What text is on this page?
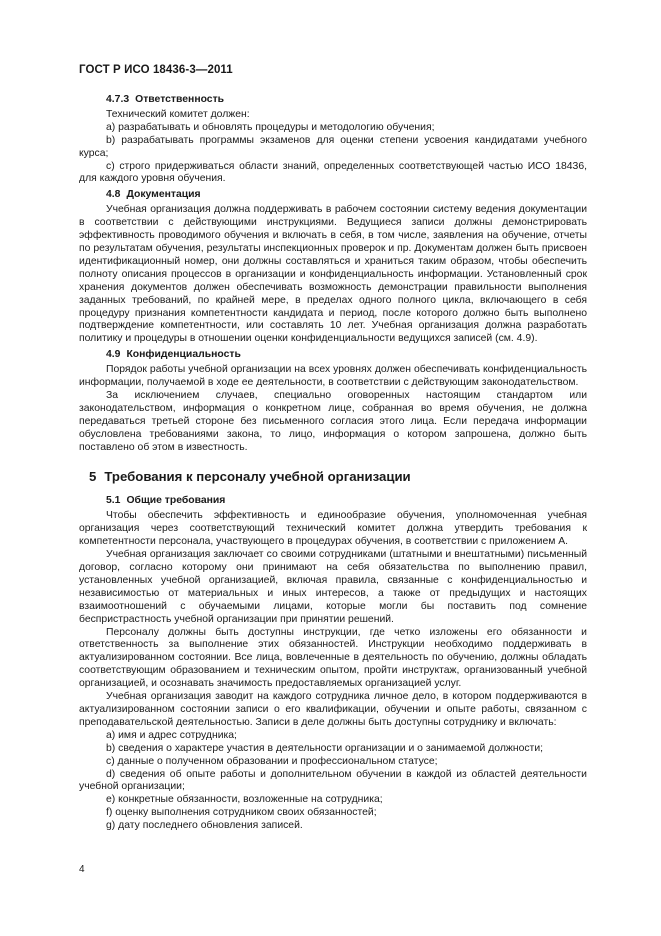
ГОСТ Р ИСО 18436-3—2011

4.7.3 Ответственность

Технический комитет должен:

a) разрабатывать и обновлять процедуры и методологию обучения;

b) разрабатывать программы экзаменов для оценки степени усвоения кандидатами учебного курса;

c) строго придерживаться области знаний, определенных соответствующей частью ИСО 18436, для каждого уровня обучения.

4.8 Документация

Учебная организация должна поддерживать в рабочем состоянии систему ведения документации в соответствии с действующими инструкциями. Ведущиеся записи должны демонстрировать эффективность проводимого обучения и включать в себя, в том числе, заявления на обучение, отчеты по результатам обучения, результаты инспекционных проверок и пр. Документам должен быть присвоен идентификационный номер, они должны составляться и храниться таким образом, чтобы обеспечить полноту описания процессов в организации и конфиденциальность информации. Установленный срок хранения документов должен обеспечивать возможность демонстрации правильности выполнения заданных требований, по крайней мере, в пределах одного полного цикла, включающего в себя процедуру признания компетентности кандидата и период, после которого должно быть выполнено подтверждение компетентности, или составлять 10 лет. Учебная организация должна разработать политику и процедуры в отношении оценки конфиденциальности ведущихся записей (см. 4.9).

4.9 Конфиденциальность

Порядок работы учебной организации на всех уровнях должен обеспечивать конфиденциальность информации, получаемой в ходе ее деятельности, в соответствии с действующим законодательством.

За исключением случаев, специально оговоренных настоящим стандартом или законодательством, информация о конкретном лице, собранная во время обучения, не должна передаваться третьей стороне без письменного согласия этого лица. Если передача информации обусловлена требованиями закона, то лицо, информация о котором запрошена, должно быть поставлено об этом в известность.

5 Требования к персоналу учебной организации

5.1 Общие требования

Чтобы обеспечить эффективность и единообразие обучения, уполномоченная учебная организация через соответствующий технический комитет должна утвердить требования к компетентности персонала, участвующего в процедурах обучения, в соответствии с приложением А.

Учебная организация заключает со своими сотрудниками (штатными и внештатными) письменный договор, согласно которому они принимают на себя обязательства по выполнению правил, установленных учебной организацией, включая правила, связанные с конфиденциальностью и независимостью от материальных и иных интересов, а также от предыдущих и настоящих взаимоотношений с обучаемыми лицами, которые могли бы поставить под сомнение беспристрастность учебной организации при принятии решений.

Персоналу должны быть доступны инструкции, где четко изложены его обязанности и ответственность за выполнение этих обязанностей. Инструкции необходимо поддерживать в актуализированном состоянии. Все лица, вовлеченные в деятельность по обучению, должны обладать соответствующим образованием и техническим опытом, пройти инструктаж, организованный учебной организацией, и осознавать значимость предоставляемых организацией услуг.

Учебная организация заводит на каждого сотрудника личное дело, в котором поддерживаются в актуализированном состоянии записи о его квалификации, обучении и опыте работы, связанном с преподавательской деятельностью. Записи в деле должны быть доступны сотруднику и включать:

a) имя и адрес сотрудника;

b) сведения о характере участия в деятельности организации и о занимаемой должности;

c) данные о полученном образовании и профессиональном статусе;

d) сведения об опыте работы и дополнительном обучении в каждой из областей деятельности учебной организации;

e) конкретные обязанности, возложенные на сотрудника;

f) оценку выполнения сотрудником своих обязанностей;

g) дату последнего обновления записей.

4
